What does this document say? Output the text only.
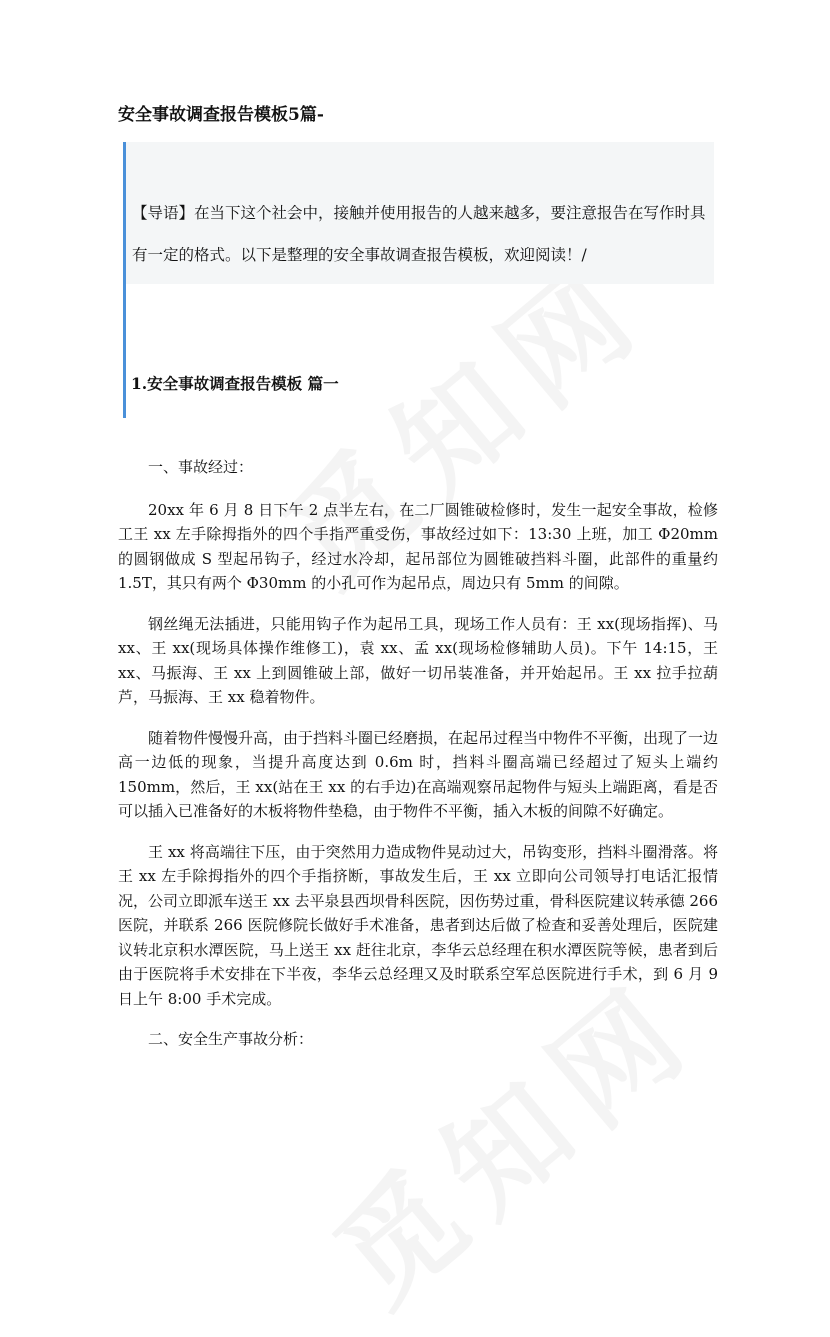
安全事故调查报告模板5篇-

【导语】在当下这个社会中，接触并使用报告的人越来越多，要注意报告在写作时具有一定的格式。以下是整理的安全事故调查报告模板，欢迎阅读！/

1.安全事故调查报告模板 篇一

一、事故经过：

20xx 年 6 月 8 日下午 2 点半左右，在二厂圆锥破检修时，发生一起安全事故，检修工王 xx 左手除拇指外的四个手指严重受伤，事故经过如下：13:30 上班，加工 Φ20mm 的圆钢做成 S 型起吊钩子，经过水冷却，起吊部位为圆锥破挡料斗圈，此部件的重量约 1.5T，其只有两个 Φ30mm 的小孔可作为起吊点，周边只有 5mm 的间隙。

钢丝绳无法插进，只能用钩子作为起吊工具，现场工作人员有：王 xx(现场指挥)、马 xx、王 xx(现场具体操作维修工)，袁 xx、孟 xx(现场检修辅助人员)。下午 14:15，王 xx、马振海、王 xx 上到圆锥破上部，做好一切吊装准备，并开始起吊。王 xx 拉手拉葫芦，马振海、王 xx 稳着物件。

随着物件慢慢升高，由于挡料斗圈已经磨损，在起吊过程当中物件不平衡，出现了一边高一边低的现象，当提升高度达到 0.6m 时，挡料斗圈高端已经超过了短头上端约 150mm，然后，王 xx(站在王 xx 的右手边)在高端观察吊起物件与短头上端距离，看是否可以插入已准备好的木板将物件垫稳，由于物件不平衡，插入木板的间隙不好确定。

王 xx 将高端往下压，由于突然用力造成物件晃动过大，吊钩变形，挡料斗圈滑落。将王 xx 左手除拇指外的四个手指挤断，事故发生后，王 xx 立即向公司领导打电话汇报情况，公司立即派车送王 xx 去平泉县西坝骨科医院，因伤势过重，骨科医院建议转承德 266 医院，并联系 266 医院修院长做好手术准备，患者到达后做了检查和妥善处理后，医院建议转北京积水潭医院，马上送王 xx 赶往北京，李华云总经理在积水潭医院等候，患者到后由于医院将手术安排在下半夜，李华云总经理又及时联系空军总医院进行手术，到 6 月 9 日上午 8:00 手术完成。

二、安全生产事故分析：
